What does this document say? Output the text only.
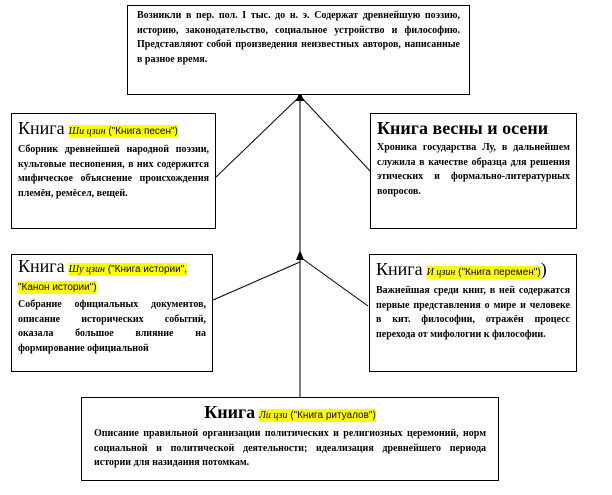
Возникли в пер. пол. I тыс. до н. э. Содержат древнейшую поэзию, историю, законодательство, социальное устройство и философию. Представляют собой произведения неизвестных авторов, написанные в разное время.

Книга Ши цзин ("Книга песен")

Сборник древнейшей народной поэзии, культовые песнопения, в них содержится мифическое объяснение происхождения племён, ремёсел, вещей.

Книга весны и осени

Хроника государства Лу, в дальнейшем служила в качестве образца для решения этических и формально-литературных вопросов.

Книга Шу цзин ("Книга истории", "Канон истории")

Собрание официальных документов, описание исторических событий, оказала большое влияние на формирование официальной

Книга И цзин ("Книга перемен"))

Важнейшая среди книг, в ней содержатся первые представления о мире и человеке в кит. философии, отражён процесс перехода от мифологии к философии.

Книга Ли цзи ("Книга ритуалов")

Описание правильной организации политических и религиозных церемоний, норм социальной и политической деятельности; идеализация древнейшего периода истории для назидания потомкам.
